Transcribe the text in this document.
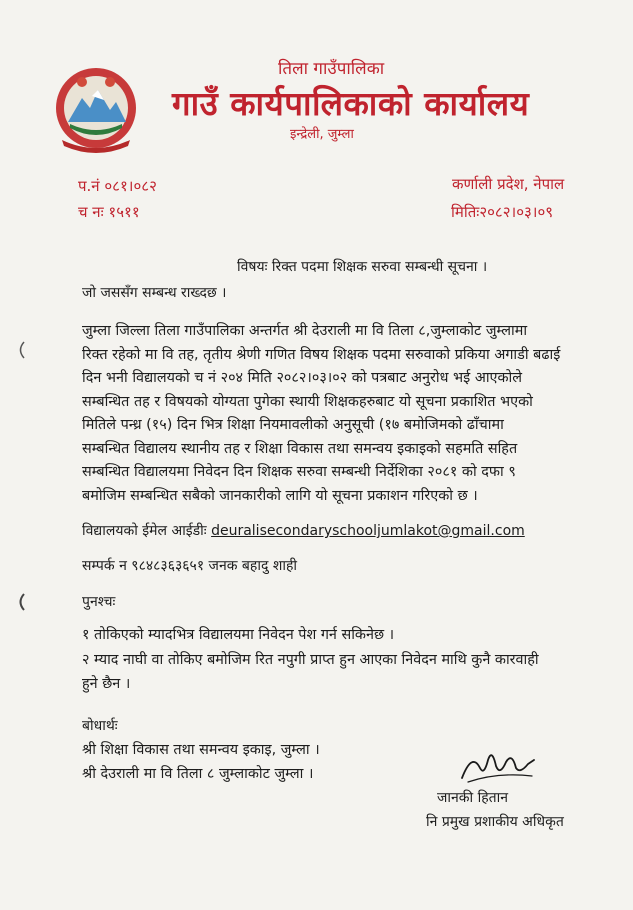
तिला गाउँपालिका
गाउँ कार्यपालिकाको कार्यालय
इन्द्रेली, जुम्ला
प.नं ०८१।०८२
च नः १५११
कर्णाली प्रदेश, नेपाल
मितिः२०८२।०३।०९
विषयः रिक्त पदमा शिक्षक सरुवा सम्बन्धी सूचना ।
जो जससँग सम्बन्ध राख्दछ ।
जुम्ला जिल्ला तिला गाउँपालिका अन्तर्गत श्री देउराली मा वि तिला ८,जुम्लाकोट जुम्लामा
रिक्त रहेको मा वि तह, तृतीय श्रेणी गणित विषय शिक्षक पदमा सरुवाको प्रकिया अगाडी बढाई
दिन भनी विद्यालयको च नं २०४ मिति २०८२।०३।०२ को पत्रबाट अनुरोध भई आएकोले
सम्बन्धित तह र विषयको योग्यता पुगेका स्थायी शिक्षकहरुबाट यो सूचना प्रकाशित भएको
मितिले पन्ध्र (१५) दिन भित्र शिक्षा नियमावलीको अनुसूची (१७ बमोजिमको ढाँचामा
सम्बन्धित विद्यालय स्थानीय तह र शिक्षा विकास तथा समन्वय इकाइको सहमति सहित
सम्बन्धित विद्यालयमा निवेदन दिन शिक्षक सरुवा सम्बन्धी निर्देशिका २०८१ को दफा ९
बमोजिम सम्बन्धित सबैको जानकारीको लागि यो सूचना प्रकाशन गरिएको छ ।
विद्यालयको ईमेल आईडीः deuralisecondaryschooljumlakot@gmail.com
सम्पर्क न ९८४८३६३६५१ जनक बहादु शाही
पुनश्चः
१ तोकिएको म्यादभित्र विद्यालयमा निवेदन पेश गर्न सकिनेछ ।
२ म्याद नाघी वा तोकिए बमोजिम रित नपुगी प्राप्त हुन आएका निवेदन माथि कुनै कारवाही
हुने छैन ।
बोधार्थः
श्री शिक्षा विकास तथा समन्वय इकाइ, जुम्ला ।
श्री देउराली मा वि तिला ८ जुम्लाकोट जुम्ला ।
जानकी हितान
नि प्रमुख प्रशाकीय अधिकृत
